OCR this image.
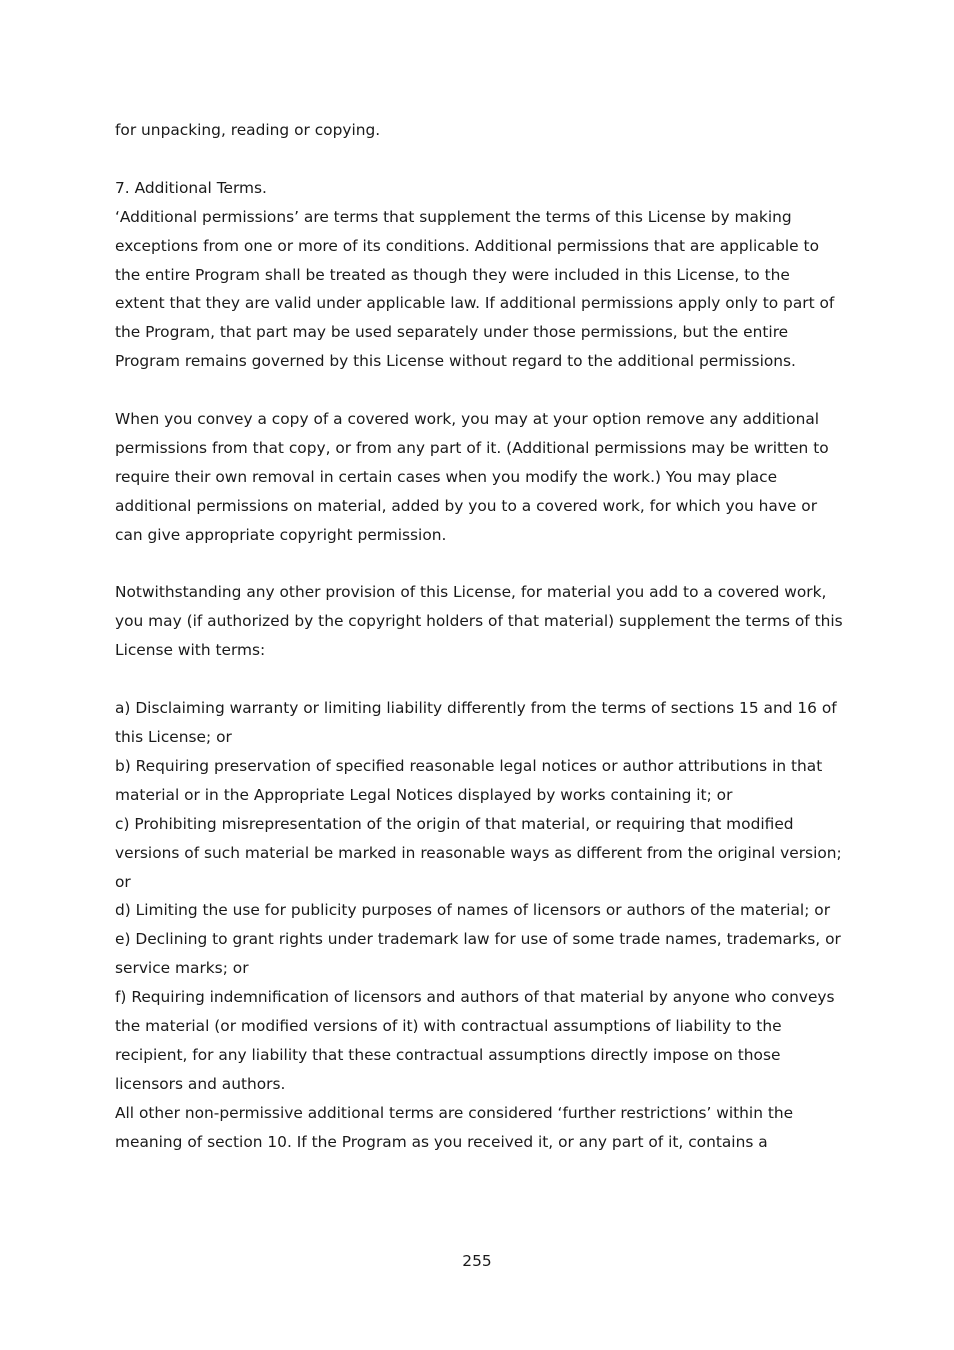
for unpacking, reading or copying.

7. Additional Terms.

‘Additional permissions’ are terms that supplement the terms of this License by making exceptions from one or more of its conditions. Additional permissions that are applicable to the entire Program shall be treated as though they were included in this License, to the extent that they are valid under applicable law. If additional permissions apply only to part of the Program, that part may be used separately under those permissions, but the entire Program remains governed by this License without regard to the additional permissions.

When you convey a copy of a covered work, you may at your option remove any additional permissions from that copy, or from any part of it. (Additional permissions may be written to require their own removal in certain cases when you modify the work.) You may place additional permissions on material, added by you to a covered work, for which you have or can give appropriate copyright permission.

Notwithstanding any other provision of this License, for material you add to a covered work, you may (if authorized by the copyright holders of that material) supplement the terms of this License with terms:

a) Disclaiming warranty or limiting liability differently from the terms of sections 15 and 16 of this License; or

b) Requiring preservation of specified reasonable legal notices or author attributions in that material or in the Appropriate Legal Notices displayed by works containing it; or

c) Prohibiting misrepresentation of the origin of that material, or requiring that modified versions of such material be marked in reasonable ways as different from the original version; or

d) Limiting the use for publicity purposes of names of licensors or authors of the material; or

e) Declining to grant rights under trademark law for use of some trade names, trademarks, or service marks; or

f) Requiring indemnification of licensors and authors of that material by anyone who conveys the material (or modified versions of it) with contractual assumptions of liability to the recipient, for any liability that these contractual assumptions directly impose on those licensors and authors.

All other non-permissive additional terms are considered ‘further restrictions’ within the meaning of section 10. If the Program as you received it, or any part of it, contains a

255
